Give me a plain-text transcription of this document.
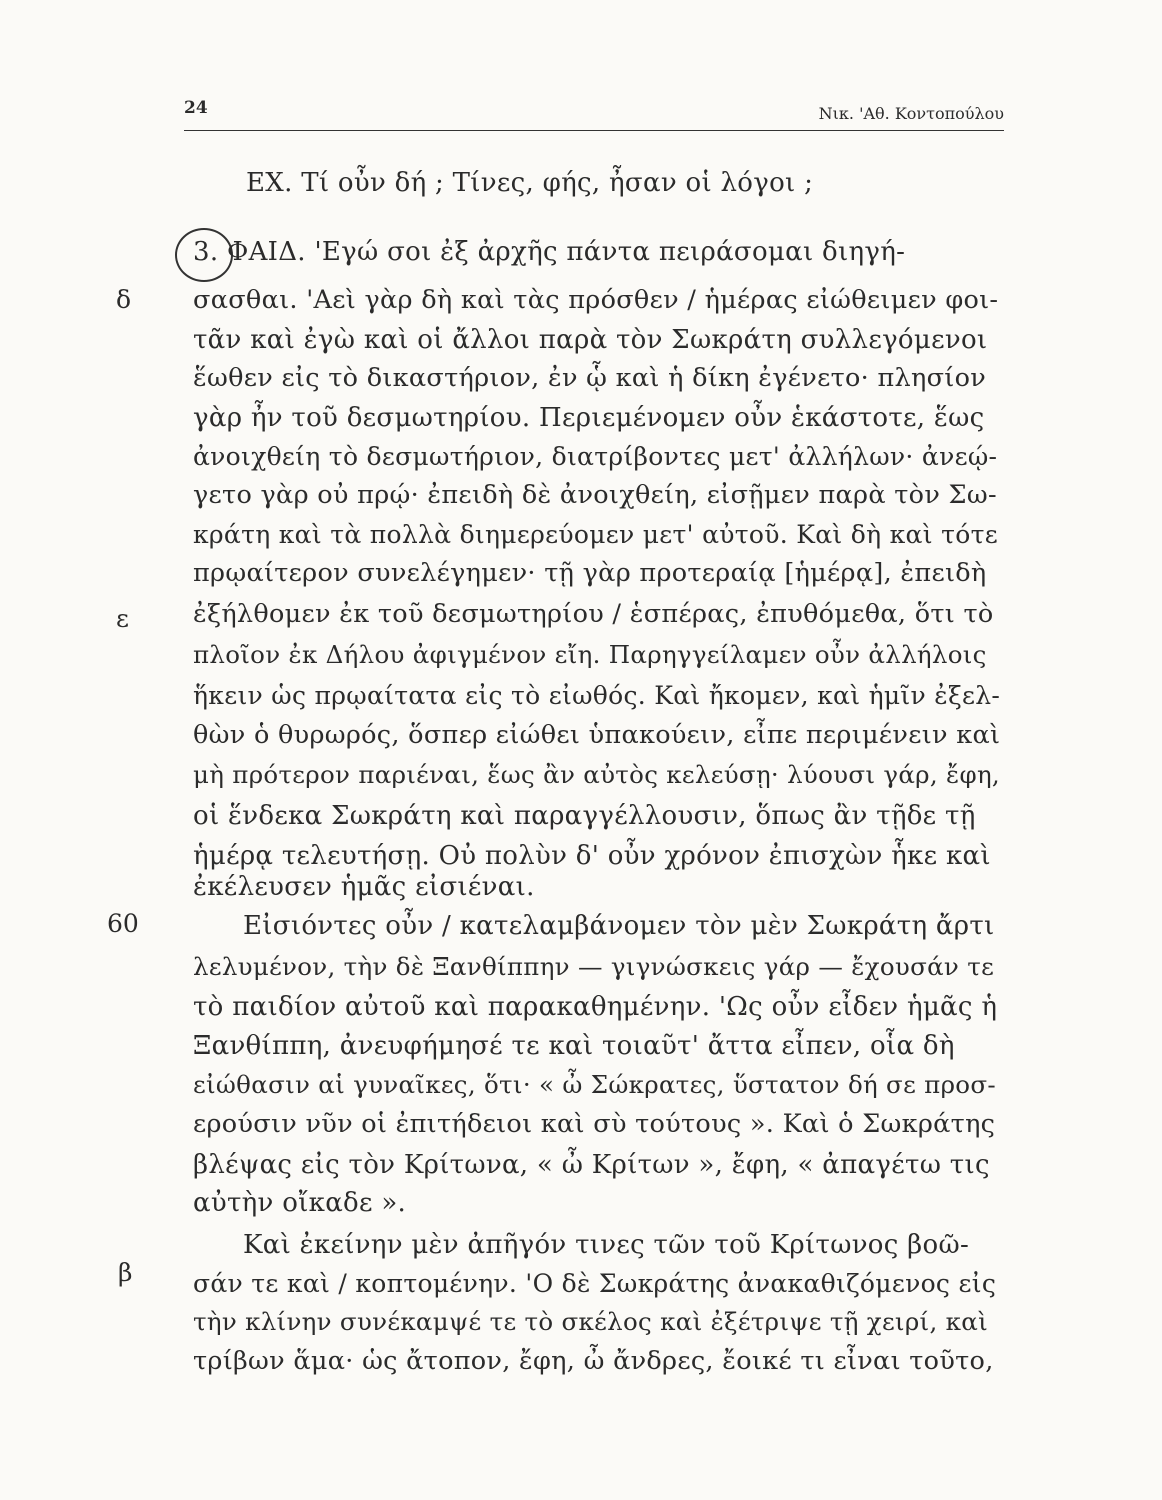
24	Νικ. 'Αθ. Κοντοπούλου
ΕΧ. Τί οὖν δή ; Τίνες, φής, ἦσαν οἱ λόγοι ;
δ
ε
60
β
3. ΦΑΙΔ. 'Εγώ σοι ἐξ ἀρχῆς πάντα πειράσομαι διηγή-
σασθαι. 'Αεὶ γὰρ δὴ καὶ τὰς πρόσθεν / ἡμέρας εἰώθειμεν φοι-
τᾶν καὶ ἐγὼ καὶ οἱ ἄλλοι παρὰ τὸν Σωκράτη συλλεγόμενοι
ἕωθεν εἰς τὸ δικαστήριον, ἐν ᾧ καὶ ἡ δίκη ἐγένετο· πλησίον
γὰρ ἦν τοῦ δεσμωτηρίου. Περιεμένομεν οὖν ἑκάστοτε, ἕως
ἀνοιχθείη τὸ δεσμωτήριον, διατρίβοντες μετ' ἀλλήλων· ἀνεῴ-
γετο γὰρ οὐ πρῴ· ἐπειδὴ δὲ ἀνοιχθείη, εἰσῇμεν παρὰ τὸν Σω-
κράτη καὶ τὰ πολλὰ διημερεύομεν μετ' αὐτοῦ. Καὶ δὴ καὶ τότε
πρῳαίτερον συνελέγημεν· τῇ γὰρ προτεραίᾳ [ἡμέρᾳ], ἐπειδὴ
ἐξήλθομεν ἐκ τοῦ δεσμωτηρίου / ἑσπέρας, ἐπυθόμεθα, ὅτι τὸ
πλοῖον ἐκ Δήλου ἀφιγμένον εἴη. Παρηγγείλαμεν οὖν ἀλλήλοις
ἥκειν ὡς πρῳαίτατα εἰς τὸ εἰωθός. Καὶ ἤκομεν, καὶ ἡμῖν ἐξελ-
θὼν ὁ θυρωρός, ὅσπερ εἰώθει ὑπακούειν, εἶπε περιμένειν καὶ
μὴ πρότερον παριέναι, ἕως ἂν αὐτὸς κελεύσῃ· λύουσι γάρ, ἔφη,
οἱ ἕνδεκα Σωκράτη καὶ παραγγέλλουσιν, ὅπως ἂν τῇδε τῇ
ἡμέρᾳ τελευτήσῃ. Οὐ πολὺν δ' οὖν χρόνον ἐπισχὼν ἧκε καὶ
ἐκέλευσεν ἡμᾶς εἰσιέναι.
Εἰσιόντες οὖν / κατελαμβάνομεν τὸν μὲν Σωκράτη ἄρτι
λελυμένον, τὴν δὲ Ξανθίππην — γιγνώσκεις γάρ — ἔχουσάν τε
τὸ παιδίον αὐτοῦ καὶ παρακαθημένην. 'Ως οὖν εἶδεν ἡμᾶς ἡ
Ξανθίππη, ἀνευφήμησέ τε καὶ τοιαῦτ' ἄττα εἶπεν, οἷα δὴ
εἰώθασιν αἱ γυναῖκες, ὅτι· « ὦ Σώκρατες, ὕστατον δή σε προσ-
ερούσιν νῦν οἱ ἐπιτήδειοι καὶ σὺ τούτους ». Καὶ ὁ Σωκράτης
βλέψας εἰς τὸν Κρίτωνα, « ὦ Κρίτων », ἔφη, « ἀπαγέτω τις
αὐτὴν οἴκαδε ».
Καὶ ἐκείνην μὲν ἀπῆγόν τινες τῶν τοῦ Κρίτωνος βοῶ-
σάν τε καὶ / κοπτομένην. 'Ο δὲ Σωκράτης ἀνακαθιζόμενος εἰς
τὴν κλίνην συνέκαμψέ τε τὸ σκέλος καὶ ἐξέτριψε τῇ χειρί, καὶ
τρίβων ἅμα· ὡς ἄτοπον, ἔφη, ὦ ἄνδρες, ἔοικέ τι εἶναι τοῦτο,
